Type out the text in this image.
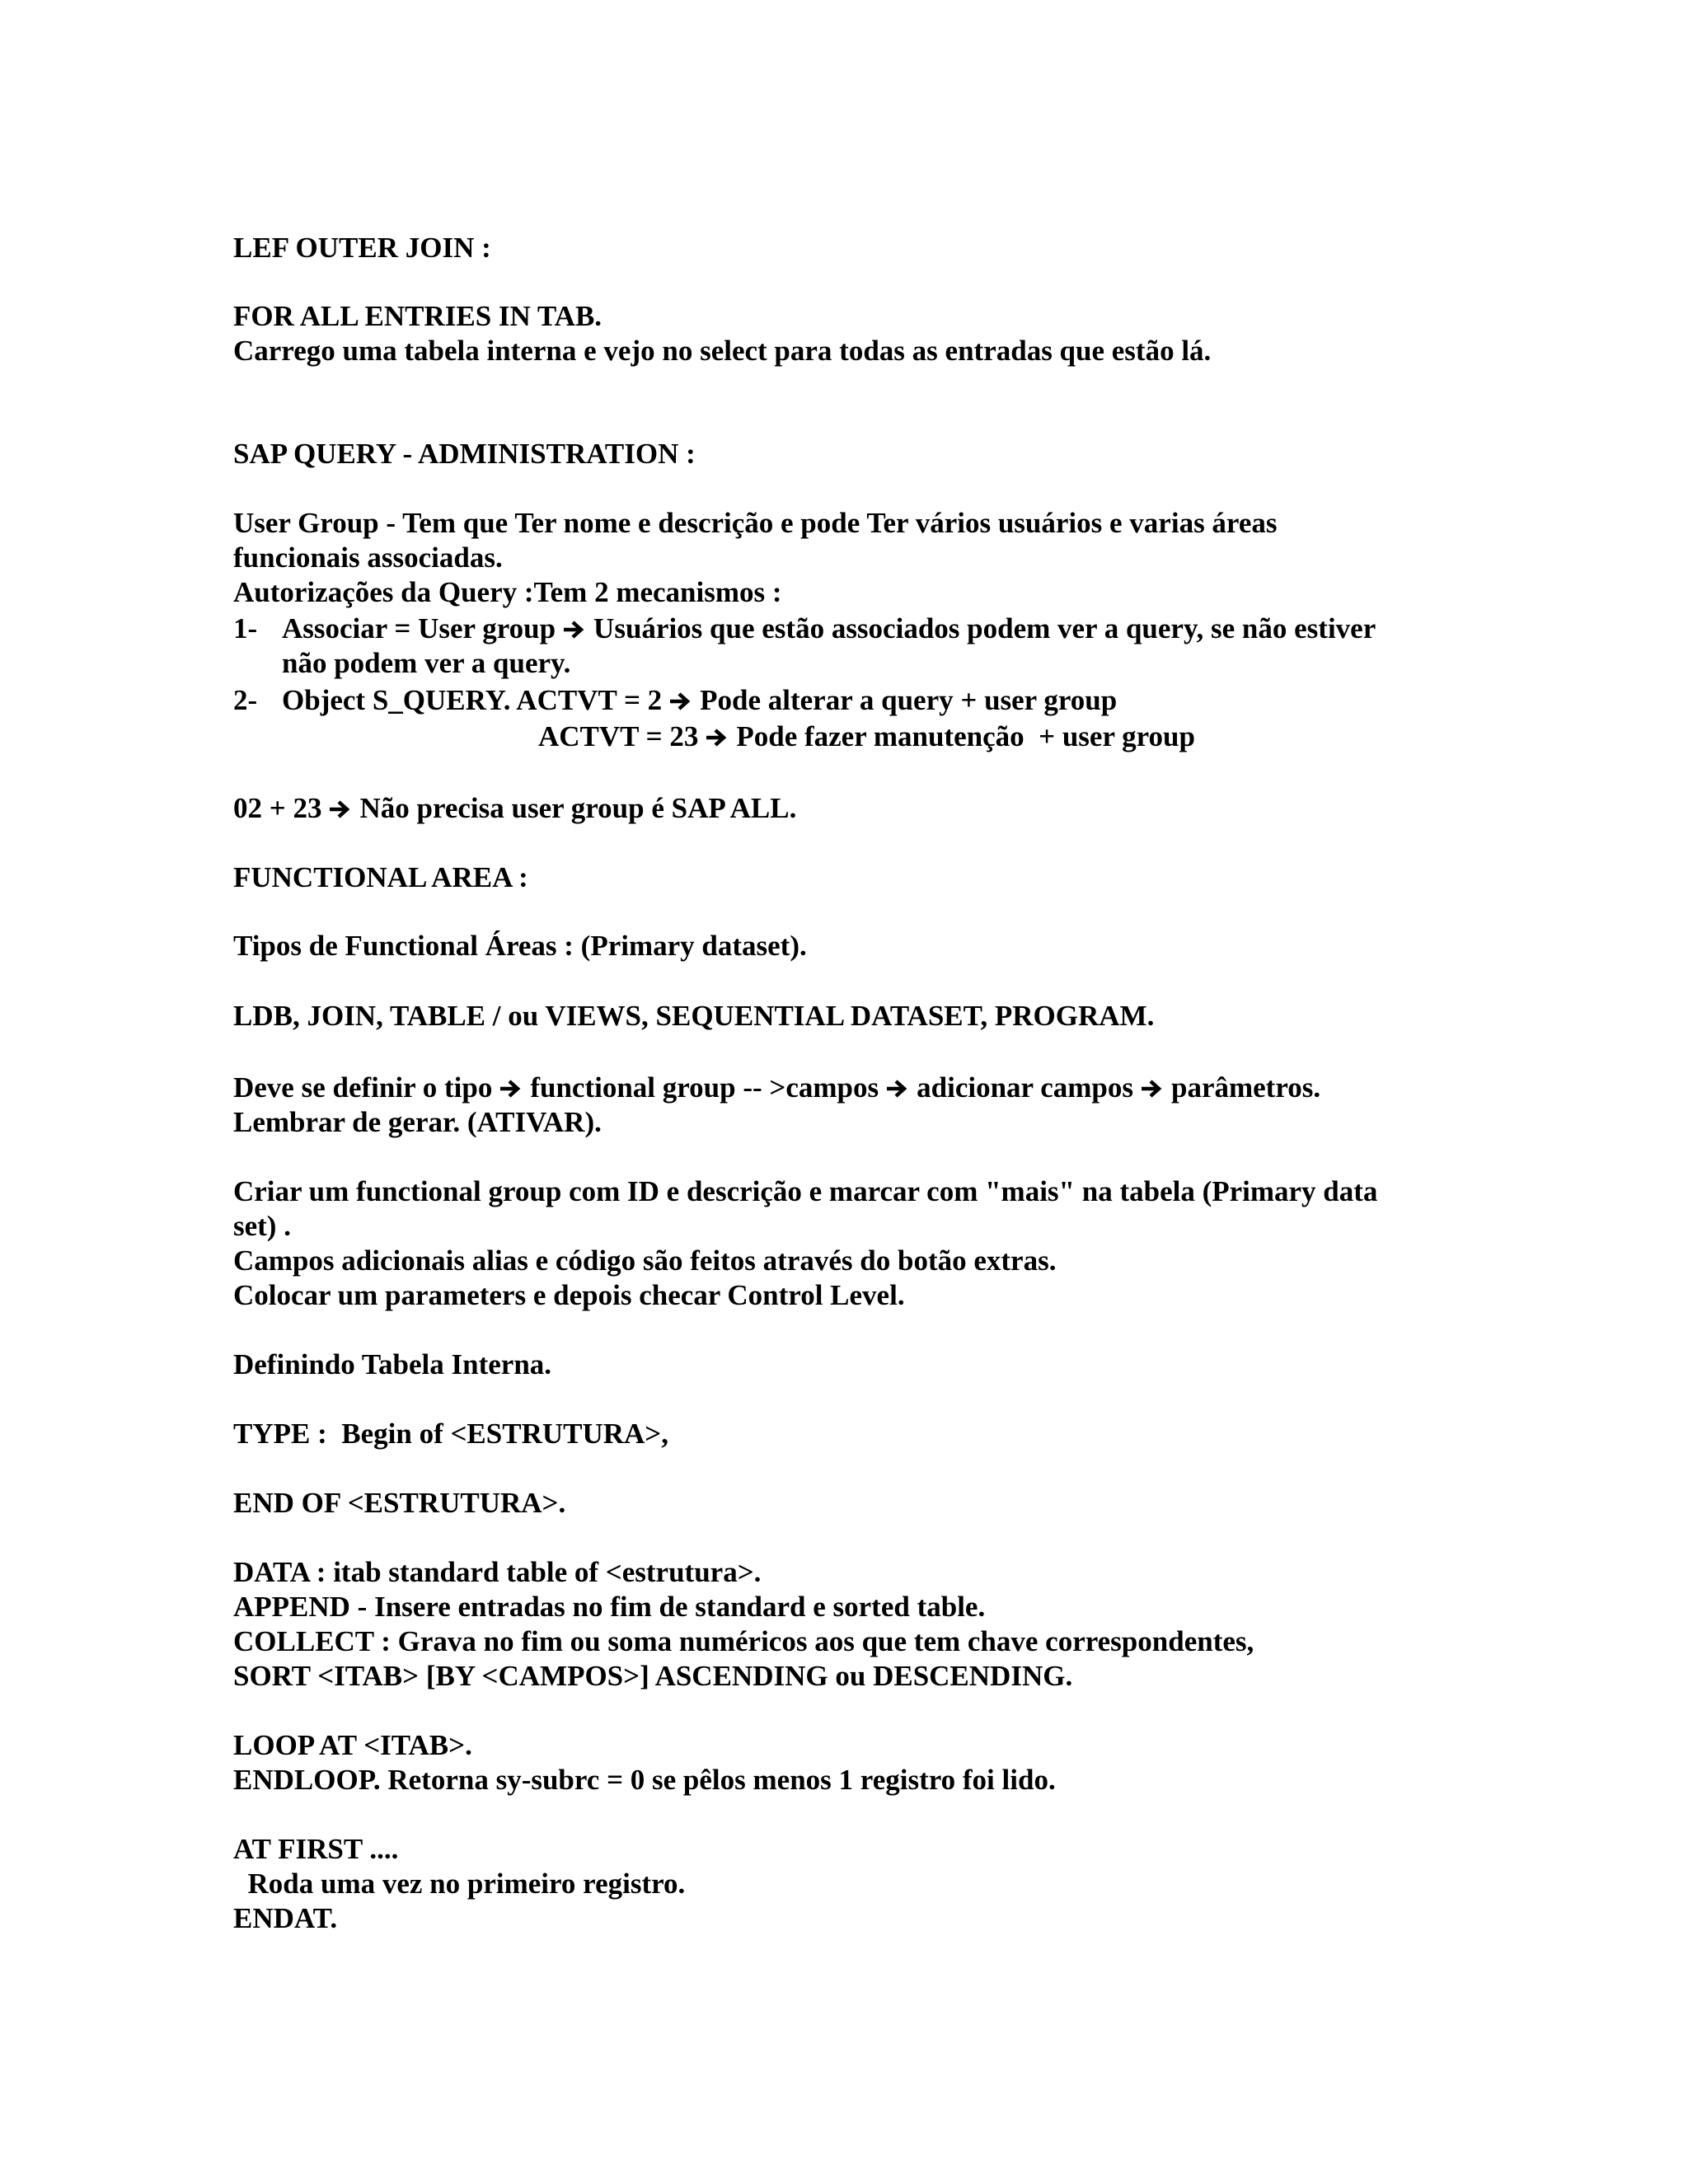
LEF OUTER JOIN :
FOR ALL ENTRIES IN TAB.
Carrego uma tabela interna e vejo no select para todas as entradas que estão lá.
SAP QUERY - ADMINISTRATION :
User Group - Tem que Ter nome e descrição e pode Ter vários usuários e varias áreas
funcionais associadas.
Autorizações da Query :Tem 2 mecanismos :
1- Associar = User group Usuários que estão associados podem ver a query, se não estiver
não podem ver a query.
2- Object S_QUERY. ACTVT = 2 Pode alterar a query + user group
ACTVT = 23 Pode fazer manutenção  + user group
02 + 23 Não precisa user group é SAP ALL.
FUNCTIONAL AREA :
Tipos de Functional Áreas : (Primary dataset).
LDB, JOIN, TABLE / ou VIEWS, SEQUENTIAL DATASET, PROGRAM.
Deve se definir o tipo functional group -- >campos adicionar campos parâmetros.
Lembrar de gerar. (ATIVAR).
Criar um functional group com ID e descrição e marcar com "mais" na tabela (Primary data
set) .
Campos adicionais alias e código são feitos através do botão extras.
Colocar um parameters e depois checar Control Level.
Definindo Tabela Interna.
TYPE :  Begin of <ESTRUTURA>,
END OF <ESTRUTURA>.
DATA : itab standard table of <estrutura>.
APPEND - Insere entradas no fim de standard e sorted table.
COLLECT : Grava no fim ou soma numéricos aos que tem chave correspondentes,
SORT <ITAB> [BY <CAMPOS>] ASCENDING ou DESCENDING.
LOOP AT <ITAB>.
ENDLOOP. Retorna sy-subrc = 0 se pêlos menos 1 registro foi lido.
AT FIRST ....
Roda uma vez no primeiro registro.
ENDAT.
